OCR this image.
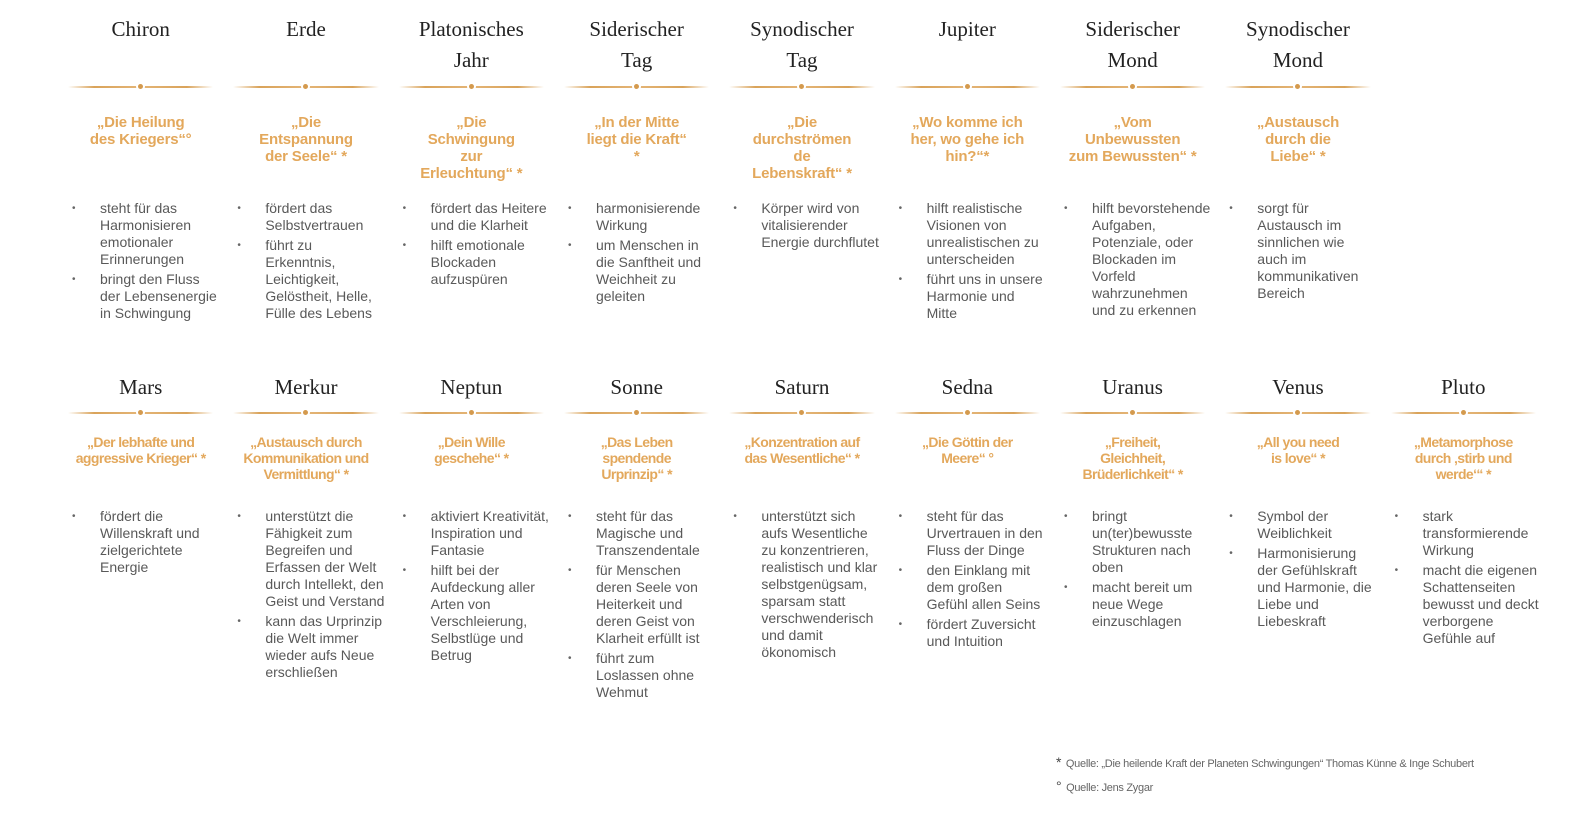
Chiron
„Die Heilung
des Kriegers“°
• steht für das Harmonisieren emotionaler Erinnerungen
• bringt den Fluss der Lebensenergie in Schwingung
Erde
„Die
Entspannung
der Seele“ *
• fördert das Selbstvertrauen
• führt zu Erkenntnis, Leichtigkeit, Gelöstheit, Helle, Fülle des Lebens
Platonisches
Jahr
„Die
Schwingung
zur
Erleuchtung“ *
• fördert das Heitere und die Klarheit
• hilft emotionale Blockaden aufzuspüren
Siderischer
Tag
„In der Mitte
liegt die Kraft“
*
• harmonisierende Wirkung
• um Menschen in die Sanftheit und Weichheit zu geleiten
Synodischer
Tag
„Die
durchströmen
de
Lebenskraft“ *
• Körper wird von vitalisierender Energie durchflutet
Jupiter
„Wo komme ich
her, wo gehe ich
hin?“*
• hilft realistische Visionen von unrealistischen zu unterscheiden
• führt uns in unsere Harmonie und Mitte
Siderischer
Mond
„Vom
Unbewussten
zum Bewussten“ *
• hilft bevorstehende Aufgaben, Potenziale, oder Blockaden im Vorfeld wahrzunehmen und zu erkennen
Synodischer
Mond
„Austausch
durch die
Liebe“ *
• sorgt für Austausch im sinnlichen wie auch im kommunikativen Bereich
Mars
„Der lebhafte und
aggressive Krieger“ *
• fördert die Willenskraft und zielgerichtete Energie
Merkur
„Austausch durch
Kommunikation und
Vermittlung“ *
• unterstützt die Fähigkeit zum Begreifen und Erfassen der Welt durch Intellekt, den Geist und Verstand
• kann das Urprinzip die Welt immer wieder aufs Neue erschließen
Neptun
„Dein Wille
geschehe“ *
• aktiviert Kreativität, Inspiration und Fantasie
• hilft bei der Aufdeckung aller Arten von Verschleierung, Selbstlüge und Betrug
Sonne
„Das Leben
spendende
Urprinzip“ *
• steht für das Magische und Transzendentale
• für Menschen deren Seele von Heiterkeit und deren Geist von Klarheit erfüllt ist
• führt zum Loslassen ohne Wehmut
Saturn
„Konzentration auf
das Wesentliche“ *
• unterstützt sich aufs Wesentliche zu konzentrieren, realistisch und klar selbstgenügsam, sparsam statt verschwenderisch und damit ökonomisch
Sedna
„Die Göttin der
Meere“ °
• steht für das Urvertrauen in den Fluss der Dinge
• den Einklang mit dem großen Gefühl allen Seins
• fördert Zuversicht und Intuition
Uranus
„Freiheit,
Gleichheit,
Brüderlichkeit“ *
• bringt un(ter)bewusste Strukturen nach oben
• macht bereit um neue Wege einzuschlagen
Venus
„All you need
is love“ *
• Symbol der Weiblichkeit
• Harmonisierung der Gefühlskraft und Harmonie, die Liebe und Liebeskraft
Pluto
„Metamorphose
durch ‚stirb und
werde‘“ *
• stark transformierende Wirkung
• macht die eigenen Schattenseiten bewusst und deckt verborgene Gefühle auf
* Quelle: „Die heilende Kraft der Planeten Schwingungen“ Thomas Künne & Inge Schubert
° Quelle: Jens Zygar
